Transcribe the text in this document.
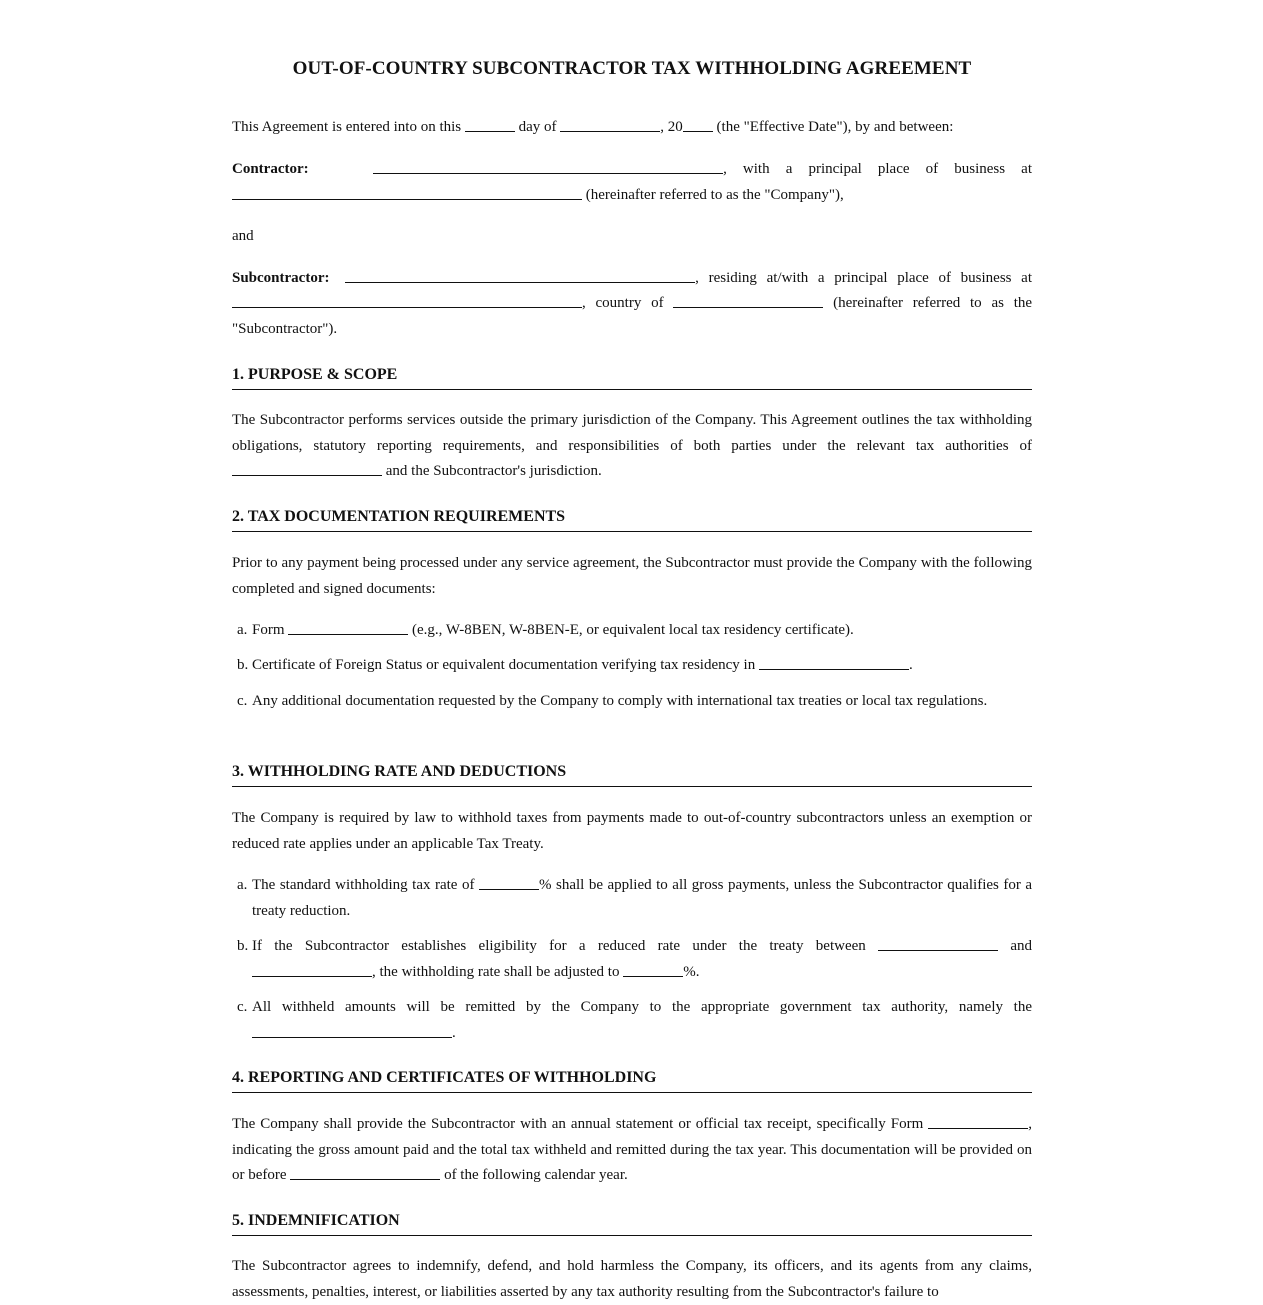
OUT-OF-COUNTRY SUBCONTRACTOR TAX WITHHOLDING AGREEMENT
This Agreement is entered into on this	day of	, 20 (the "Effective Date"), by and between:
Contractor:	, with a principal place of business at
(hereinafter referred to as the "Company"),
and
Subcontractor:	, residing at/with a principal place of business at
, country of	(hereinafter referred to as the
"Subcontractor").
1. PURPOSE & SCOPE
The Subcontractor performs services outside the primary jurisdiction of the Company. This Agreement outlines the tax withholding obligations, statutory reporting requirements, and responsibilities of both parties under the relevant tax authorities of  and the Subcontractor's jurisdiction.
2. TAX DOCUMENTATION REQUIREMENTS
Prior to any payment being processed under any service agreement, the Subcontractor must provide the Company with the following completed and signed documents:
a. Form	(e.g., W-8BEN, W-8BEN-E, or equivalent local tax residency certificate).
b. Certificate of Foreign Status or equivalent documentation verifying tax residency in	.
c. Any additional documentation requested by the Company to comply with international tax treaties or local tax regulations.
3. WITHHOLDING RATE AND DEDUCTIONS
The Company is required by law to withhold taxes from payments made to out-of-country subcontractors unless an exemption or reduced rate applies under an applicable Tax Treaty.
a. The standard withholding tax rate of	% shall be applied to all gross payments, unless the Subcontractor qualifies for a treaty reduction.
b. If the Subcontractor establishes eligibility for a reduced rate under the treaty between	and , the withholding rate shall be adjusted to	%.
c. All withheld amounts will be remitted by the Company to the appropriate government tax authority, namely the .
4. REPORTING AND CERTIFICATES OF WITHHOLDING
The Company shall provide the Subcontractor with an annual statement or official tax receipt, specifically Form	, indicating the gross amount paid and the total tax withheld and remitted during the tax year. This documentation will be provided on or before	of the following calendar year.
5. INDEMNIFICATION
The Subcontractor agrees to indemnify, defend, and hold harmless the Company, its officers, and its agents from any claims, assessments, penalties, interest, or liabilities asserted by any tax authority resulting from the Subcontractor's failure to
